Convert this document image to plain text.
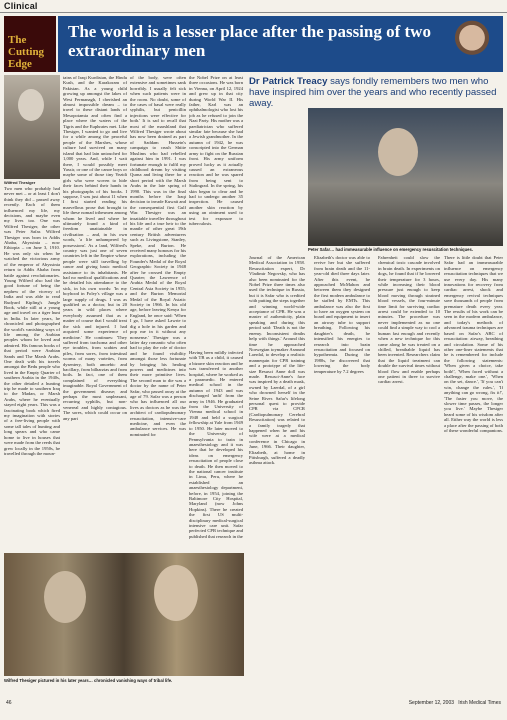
Clinical
The
Cutting
Edge
The world is a lesser place after the passing of two extraordinary men
Wilfred Thesiger

Two men who probably had never met – or at least I don't think they did – passed away recently. Each of them influenced my life, my decisions, and maybe even my lives too. One was Wilfred Thesiger, the other was Peter Safar. Wilfred Thesiger was born in Addis Ababa, Abyssinia – now Ethiopia – on June 3, 1910. He was only six when he watched the victorious army of the emperor of Abyssinia return to Addis Ababa from battle against revolutionaries. Young Wilfred also had the good fortune of being the nephew of the viceroy of India and was able to read Rudyard Kipling's Jungle Book, while still at a young age and travel on a tiger hunt in India. In later years, he chronicled and photographed the world's vanishing ways of life among the Arabian peoples whom he loved and admired. His famous books of that period were Arabian Sands and The Marsh Arabs. One dealt with his travels amongst the Bedu people who lived in the Empty Quarter of southern Arabia in the 1940s, the other detailed a hunting trip he made to southern Iraq to the Madan, or Marsh Arabs, where he eventually stayed eight years. This was a fascinating book which fired my imagination with stories of a free-living people with some tall tales of hunting and long spears and who came home to live in houses that were made from the reeds that grew locally in the 1950s, he travelled through the moun-

tains of Iraqi Kurdistan, the Hindu Kush, and the Karakoram of Pakistan. As a young child growing up amongst the lakes of West Fermanagh, I cherished an almost impossible dream – to travel to these distant lands of Mesopotamia and often find a place where the waters of the Tigris and the Euphrates met. Like Thesiger, I wanted to go and live for a while among the peaceful people of the Marshes, whose culture had survived on many island that had lain untouched for 1,000 years. And, while I wait there, I would possibly meet Yassir, or one of the canoe boys or maybe some of those tiny Yezidi girls who were woven to hide their faces behind their hands in his photographs of his books. I suppose, I was just about 11 when I first started reading his marvellous prose that brought to life these nomad tribesmen among whom he lived and where he ultimately found a kind of freedom unattainable in civilisation – and, in his own words, 'a life unhampered by possessions'. As a land, Wilfred's country was just one of seven countries left in the Empire whose people were still travelling by canoe and giving basic medical assistance to its inhabitants. He had no medical qualifications and he detailed his attendance to the sick, in his own words: 'In my boyhood in Foley's village was a large supply of drugs. I was as qualified as a doctor, but in 20 years in wild places where everybody assumed that as a matter of course that I would treat the sick and injured. I had acquired some experience of medicine.' He continues: 'They suffered from trachoma and other eye troubles, from scabies and piles, from sores, from intestinal worms of many varieties, from dysentery, both amoebic and bacillary, from bilharzias and from boils. In fact, one of them complained of everything imaginable. Royal Government of the government disease; and perhaps the most unpleasant, recurring syphilis, but non-venereal and highly contagious. The sores, which could occur on any part

of the body, were often extensive and sometimes sank horrribly. I usually felt sick when such patients were in the room. No doubt, some of the cases of basal were really syphilis, but penicillin injections were effective for both.' It is sad to recall that most of the marshland that Wilfred Thesiger wrote about has now been drained as part of Saddam Hussein's campaign to crush Shiite Muslims who had rebelled against him in 1991. I was fortunate enough to fulfil my childhood dream by visiting Qurna and living there for a short period with the Marsh Arabs in the late spring of 1990. This was in the final months before the Iraqi decision to invade Kuwait and the consequential first Gulf War. Thesiger was an insatiable traveller throughout his life and a true heir to the mantle of other great 19th century British adventurers such as Livingstone, Stanley, Speke, and Burton. He received many honours for his explorations, including the Founder's Medal of the Royal Geographic Society in 1948 after he crossed the Empty Quarter; the Lawrence of Arabia Medal of the Royal Central Asia Society in 1955; and the Burton Memorial Medal of the Royal Asiatic Society in 1966. In his old age, before leaving Kenya for England, he once said: 'When I go, I have asked Lawrie to dig a hole in his garden and pop me in it without any nonsense.' Thesiger was a latter day romantic who often had to play the role of doctor and he found visibility amongst those less fortunate by bringing his healing powers and medicines into their more primitive lives. The second man to die was a doctor by the name of Peter Safar, who passed away at the age of 79. Safar was a person who has influenced all our lives as doctors as he was the architect of cardiopulmonary resuscitation, intensive-care medicine, and even the ambulance services. He was nominated for

the Nobel Prize on at least three occasions. He was born in Vienna, on April 12, 1924 and grew up in that city during World War II. His father, Karl was an ophthalmologist who lost his job as he refused to join the Nazi Party. His mother was a paediatrician who suffered similar fate because she had a Jewish grandmother. In the autumn of 1942, he was conscripted into the German army to fight on the Russian front. His army uniform proved lucky as it actually caused an extraneous reaction and he was spared from being sent to Stalingrad. In the spring, his skin began to clear and he had to undergo another 35 inspection. He caused another skin reaction by using an ointment used to test for exposure to tuberculosis.

Having been mildly infected with TB as a child, it caused a bizarre skin reaction and he was transferred to another hospital, where he worked as a paramedic. He entered medical school in the autumn of 1943 and was discharged 'unfit' from the army in 1946. He graduated from the University of Vienna medical school in 1948 and held a surgical fellowship at Yale from 1949 to 1950. He later moved to the University of Pennsylvania to train in anaesthesiology and it was here that he developed his ideas on emergency resuscitation of people close to death. He then moved to the national cancer institute in Lima, Peru, where he established an anaesthesiology department, before, in 1954, joining the Baltimore City Hospital, Maryland (now Johns Hopkins). There he created the first US multi-disciplinary medical-surgical intensive care unit. Safar perfected CPR technique and published that research in the

Dr Patrick Treacy says fondly remembers two men who have inspired him over the years and who recently passed away.
Peter Safar… had immeasurable influence on emergency resuscitation techniques.

Journal of the American Medical Association in 1958. Resuscitation expert, Dr Vladimir Negovsky, who has also been nominated for the Nobel Prize three times also used the technique in Russia, but it is Safar who is credited with putting the steps together and winning world-wide acceptance of CPR. He was a master of authenticity, plain speaking and during this period said: 'Death is not the enemy. Inconsistent deaths help with things.' Around this time he approached Norwegian toymaker Asmund Laerdal, to develop a realistic mannequin for CPR training and a prototype of the life-size Resusci Anne doll was made. Resusci-Anne's face was inspired by a death mask, owned by Laerdal, of a girl who drowned herself in the Seine River. Safar's lifelong personal quest to provide CPR via CPCR (Cardiopulmonary Cerebral Resuscitation) was related to a family tragedy that happened when he and his wife were at a medical conference in Chicago in June, 1966. Their daughter, Elizabeth, at home in Pittsburgh, suffered a deadly asthma attack.

Elizabeth's doctor was able to revive her but she suffered from brain death and the 11-year-old died three days later. After this event, he approached McMahon and between them they designed the first modern ambulance to be staffed by EMTs. This ambulance was also the first to have an oxygen system on board and equipment to insert an airway tube to support breathing. Following his daughter's death, he intensified his energies to research into brain resuscitation and focused on hypothermia. During the 1980s, he discovered that lowering the body temperature by 7.2 degrees

Fahrenheit could slow the chemical toxic cascade involved in brain death. In experiments on dogs, he found that if he lowered their temperature for 3 hours, while increasing their blood pressure just enough to keep blood moving through strained blood vessels, the four-minute time limit for surviving cardiac arrest could be extended to 10 minutes. The procedure was never implemented as no one could find a simple way to cool a human fast enough and recently when a new technique for this came along he was treated on a chilled, breathable liquid has been invented. Researchers claim that the liquid treatment can double the survival times without blood flow and enable perhaps one patient in three to survive cardiac arrest.

There is little doubt that Peter Safar had an immeasurable influence on emergency resuscitation techniques that we use every day. His many innovations for recovery from cardiac arrest, shock and emergency revival techniques save thousands of people from premature death every year. The results of his work can be seen in the modern ambulance, and today's methods of advanced trauma techniques are based on Safar's ABC of resuscitation: airway, breathing and circulation. Some of his other one-liner statements that he is remembered for include the following statements: 'When given a choice, take both!', 'When faced without a challenge, make one.', 'When on the set, dance.', 'If you can't win, change the rules.', 'If anything can go wrong, fix it!', 'The faster you move, the slower time passes, the longer you live.' Maybe Thesiger heard some of his wisdom after all. Either way the world is less a place after the passing of both of these wonderful companions.

Wilfred Thesiger pictured in his later years… chronicled vanishing ways of tribal life.
46	September 12, 2003 Irish Medical Times
